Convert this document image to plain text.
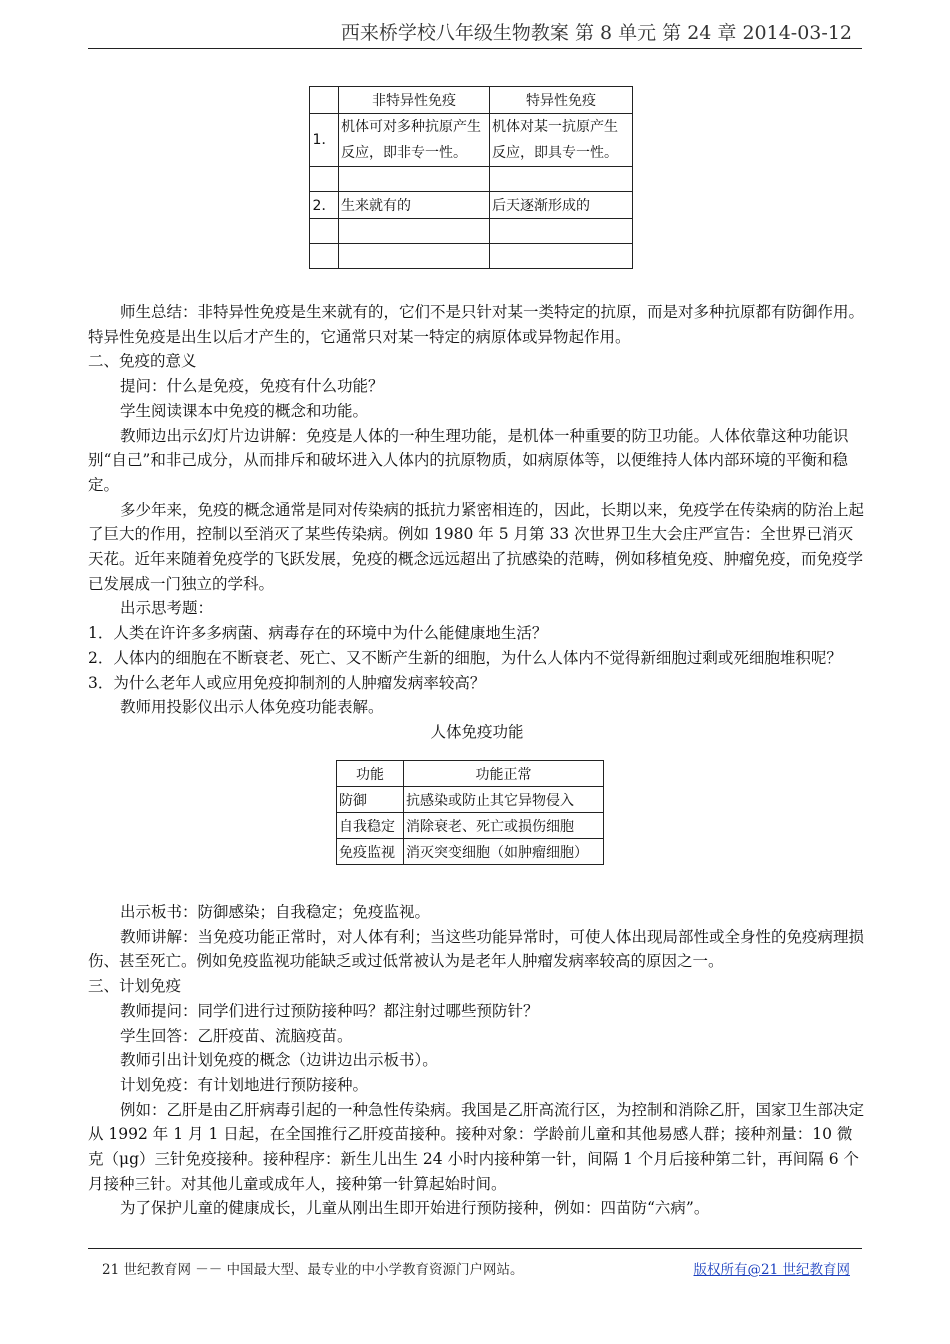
西来桥学校八年级生物教案 第 8 单元 第 24 章 2014-03-12
	非特异性免疫	特异性免疫
1．	机体可对多种抗原产生反应，即非专一性。	机体对某一抗原产生反应，即具专一性。

2．	生来就有的	后天逐渐形成的

师生总结：非特异性免疫是生来就有的，它们不是只针对某一类特定的抗原，而是对多种抗原都有防御作用。特异性免疫是出生以后才产生的，它通常只对某一特定的病原体或异物起作用。

二、免疫的意义

提问：什么是免疫，免疫有什么功能？

学生阅读课本中免疫的概念和功能。

教师边出示幻灯片边讲解：免疫是人体的一种生理功能，是机体一种重要的防卫功能。人体依靠这种功能识别“自己”和非己成分，从而排斥和破坏进入人体内的抗原物质，如病原体等，以便维持人体内部环境的平衡和稳定。

多少年来，免疫的概念通常是同对传染病的抵抗力紧密相连的，因此，长期以来，免疫学在传染病的防治上起了巨大的作用，控制以至消灭了某些传染病。例如 1980 年 5 月第 33 次世界卫生大会庄严宣告：全世界已消灭天花。近年来随着免疫学的飞跃发展，免疫的概念远远超出了抗感染的范畴，例如移植免疫、肿瘤免疫，而免疫学已发展成一门独立的学科。

出示思考题：

1．人类在许许多多病菌、病毒存在的环境中为什么能健康地生活？

2．人体内的细胞在不断衰老、死亡、又不断产生新的细胞，为什么人体内不觉得新细胞过剩或死细胞堆积呢？

3．为什么老年人或应用免疫抑制剂的人肿瘤发病率较高？

教师用投影仪出示人体免疫功能表解。

人体免疫功能

功能	功能正常
防御	抗感染或防止其它异物侵入
自我稳定	消除衰老、死亡或损伤细胞
免疫监视	消灭突变细胞（如肿瘤细胞）

出示板书：防御感染；自我稳定；免疫监视。

教师讲解：当免疫功能正常时，对人体有利；当这些功能异常时，可使人体出现局部性或全身性的免疫病理损伤、甚至死亡。例如免疫监视功能缺乏或过低常被认为是老年人肿瘤发病率较高的原因之一。

三、计划免疫

教师提问：同学们进行过预防接种吗？都注射过哪些预防针？

学生回答：乙肝疫苗、流脑疫苗。

教师引出计划免疫的概念（边讲边出示板书）。

计划免疫：有计划地进行预防接种。

例如：乙肝是由乙肝病毒引起的一种急性传染病。我国是乙肝高流行区，为控制和消除乙肝，国家卫生部决定从 1992 年 1 月 1 日起，在全国推行乙肝疫苗接种。接种对象：学龄前儿童和其他易感人群；接种剂量：10 微克（μg）三针免疫接种。接种程序：新生儿出生 24 小时内接种第一针，间隔 1 个月后接种第二针，再间隔 6 个月接种三针。对其他儿童或成年人，接种第一针算起始时间。

为了保护儿童的健康成长，儿童从刚出生即开始进行预防接种，例如：四苗防“六病”。

21 世纪教育网 －－ 中国最大型、最专业的中小学教育资源门户网站。	版权所有@21 世纪教育网
